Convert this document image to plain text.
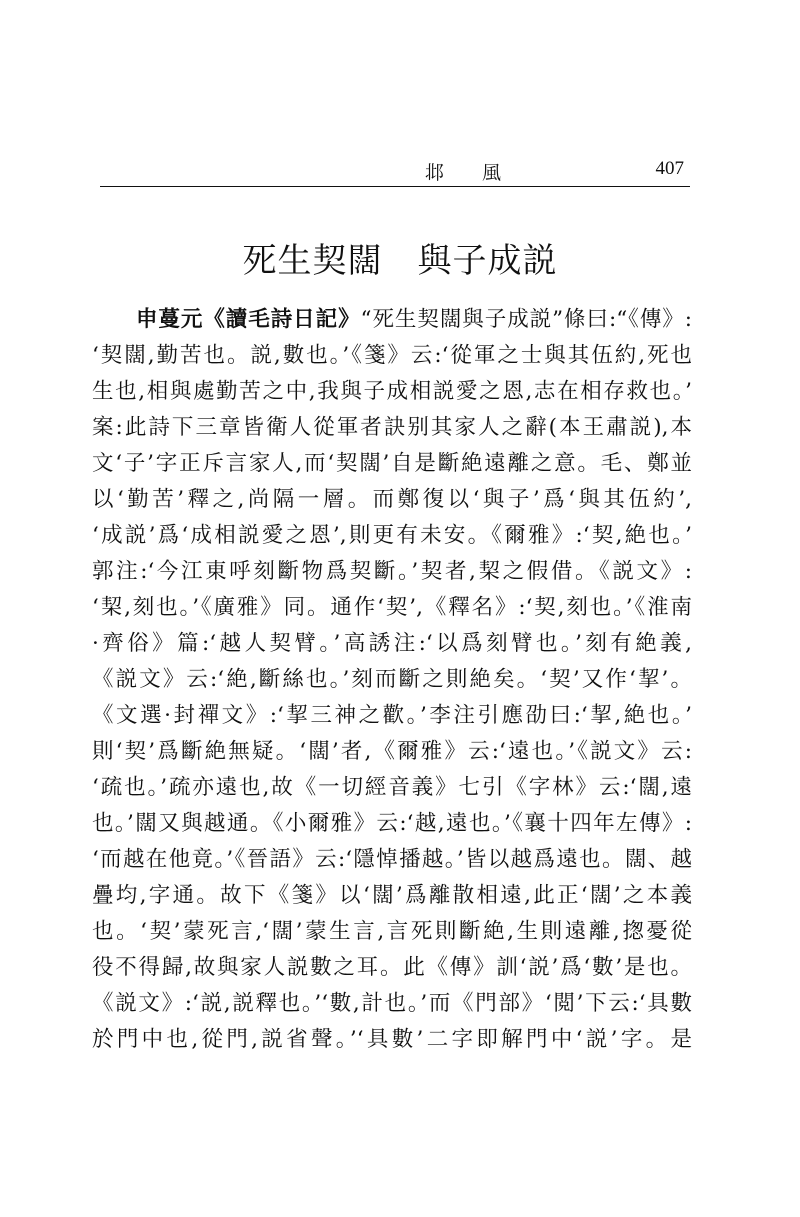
邶 風	407
死生契闊　與子成説
申蔓元《讀毛詩日記》“死生契闊與子成説”條曰:“《傳》:
‘契闊,勤苦也。説,數也。’《箋》云:‘從軍之士與其伍約,死也
生也,相與處勤苦之中,我與子成相説愛之恩,志在相存救也。’
案:此詩下三章皆衛人從軍者訣别其家人之辭(本王肅説),本
文‘子’字正斥言家人,而‘契闊’自是斷絶遠離之意。毛、鄭並
以‘勤苦’釋之,尚隔一層。而鄭復以‘與子’爲‘與其伍約’,
‘成説’爲‘成相説愛之恩’,則更有未安。《爾雅》:‘契,絶也。’
郭注:‘今江東呼刻斷物爲契斷。’契者,栔之假借。《説文》:
‘栔,刻也。’《廣雅》同。通作‘契’,《釋名》:‘契,刻也。’《淮南
·齊俗》篇:‘越人契臂。’高誘注:‘以爲刻臂也。’刻有絶義,
《説文》云:‘絶,斷絲也。’刻而斷之則絶矣。‘契’又作‘挈’。
《文選·封禪文》:‘挈三神之歡。’李注引應劭曰:‘挈,絶也。’
則‘契’爲斷絶無疑。‘闊’者,《爾雅》云:‘遠也。’《説文》云:
‘疏也。’疏亦遠也,故《一切經音義》七引《字林》云:‘闊,遠
也。’闊又與越通。《小爾雅》云:‘越,遠也。’《襄十四年左傳》:
‘而越在他竟。’《晉語》云:‘隱悼播越。’皆以越爲遠也。闊、越
疊均,字通。故下《箋》以‘闊’爲離散相遠,此正‘闊’之本義
也。‘契’蒙死言,‘闊’蒙生言,言死則斷絶,生則遠離,揔憂從
役不得歸,故與家人説數之耳。此《傳》訓‘説’爲‘數’是也。
《説文》:‘説,説釋也。’‘數,計也。’而《門部》‘閲’下云:‘具數
於門中也,從門,説省聲。’‘具數’二字即解門中‘説’字。是
